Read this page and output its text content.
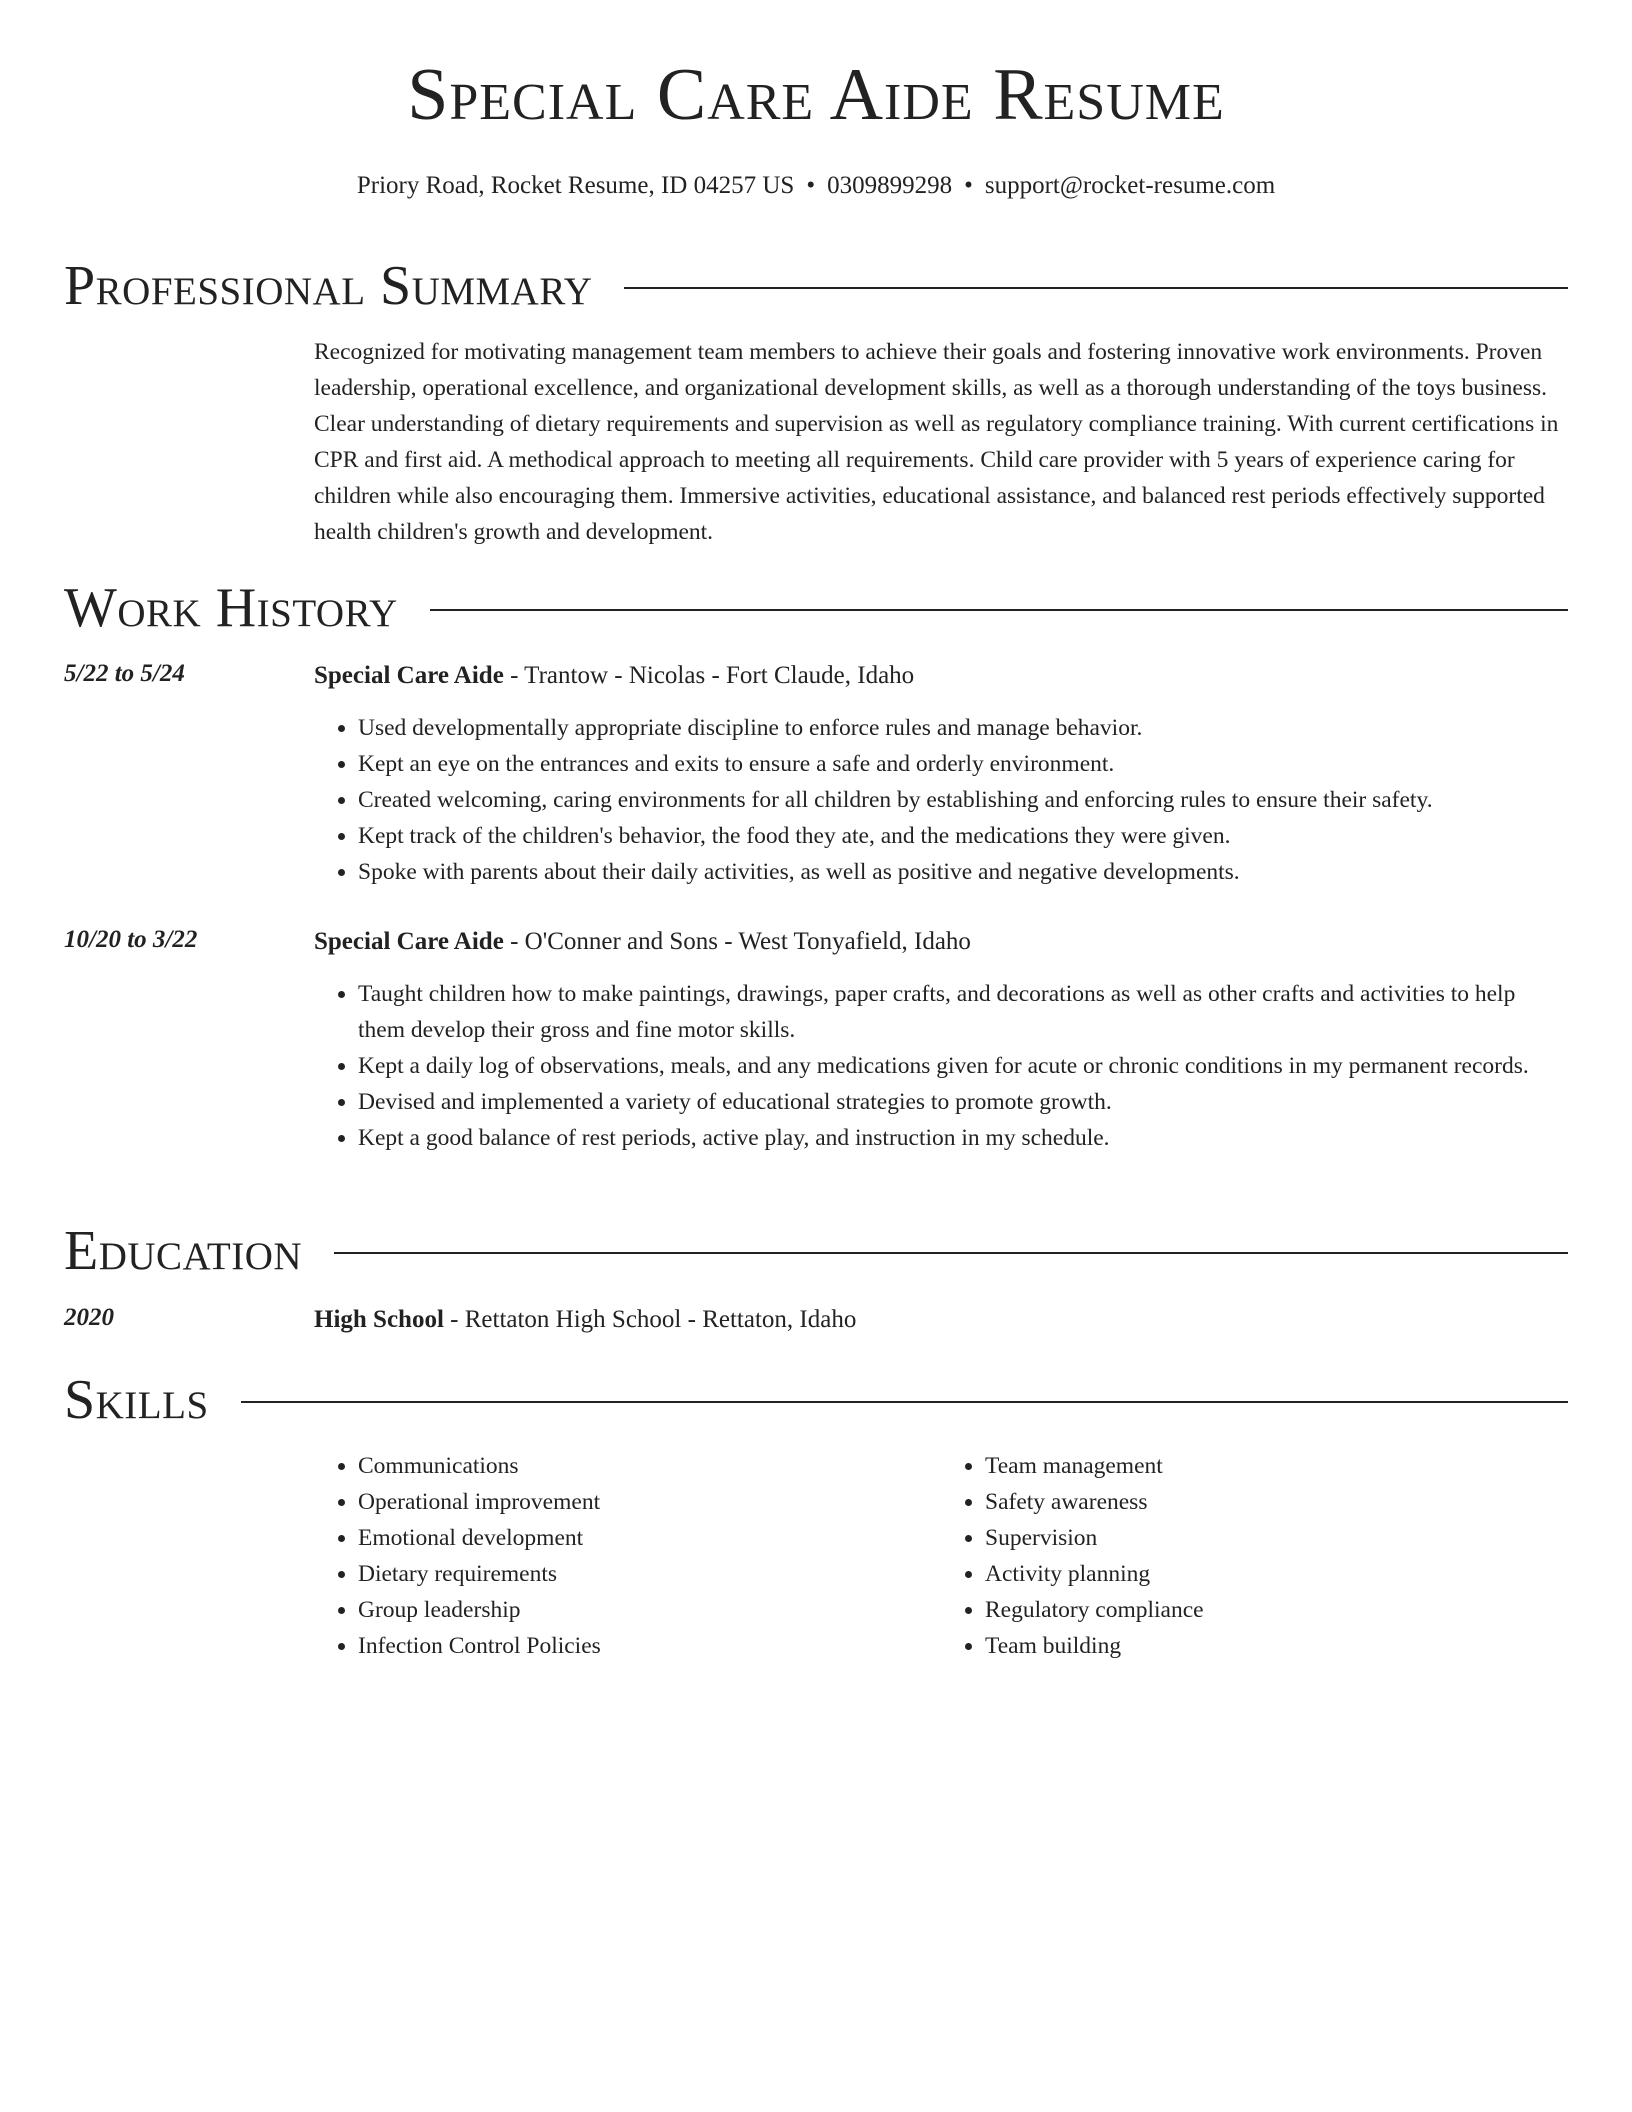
Special Care Aide Resume
Priory Road, Rocket Resume, ID 04257 US • 0309899298 • support@rocket-resume.com
Professional Summary

Recognized for motivating management team members to achieve their goals and fostering innovative work environments. Proven leadership, operational excellence, and organizational development skills, as well as a thorough understanding of the toys business. Clear understanding of dietary requirements and supervision as well as regulatory compliance training. With current certifications in CPR and first aid. A methodical approach to meeting all requirements. Child care provider with 5 years of experience caring for children while also encouraging them. Immersive activities, educational assistance, and balanced rest periods effectively supported health children's growth and development.

Work History
5/22 to 5/24	Special Care Aide - Trantow - Nicolas - Fort Claude, Idaho

• Used developmentally appropriate discipline to enforce rules and manage behavior.
• Kept an eye on the entrances and exits to ensure a safe and orderly environment.
• Created welcoming, caring environments for all children by establishing and enforcing rules to ensure their safety.
• Kept track of the children's behavior, the food they ate, and the medications they were given.
• Spoke with parents about their daily activities, as well as positive and negative developments.
10/20 to 3/22	Special Care Aide - O'Conner and Sons - West Tonyafield, Idaho

• Taught children how to make paintings, drawings, paper crafts, and decorations as well as other crafts and activities to help them develop their gross and fine motor skills.
• Kept a daily log of observations, meals, and any medications given for acute or chronic conditions in my permanent records.
• Devised and implemented a variety of educational strategies to promote growth.
• Kept a good balance of rest periods, active play, and instruction in my schedule.
Education
2020	High School - Rettaton High School - Rettaton, Idaho

Skills
• Communications
• Operational improvement
• Emotional development
• Dietary requirements
• Group leadership
• Infection Control Policies
• Team management
• Safety awareness
• Supervision
• Activity planning
• Regulatory compliance
• Team building
